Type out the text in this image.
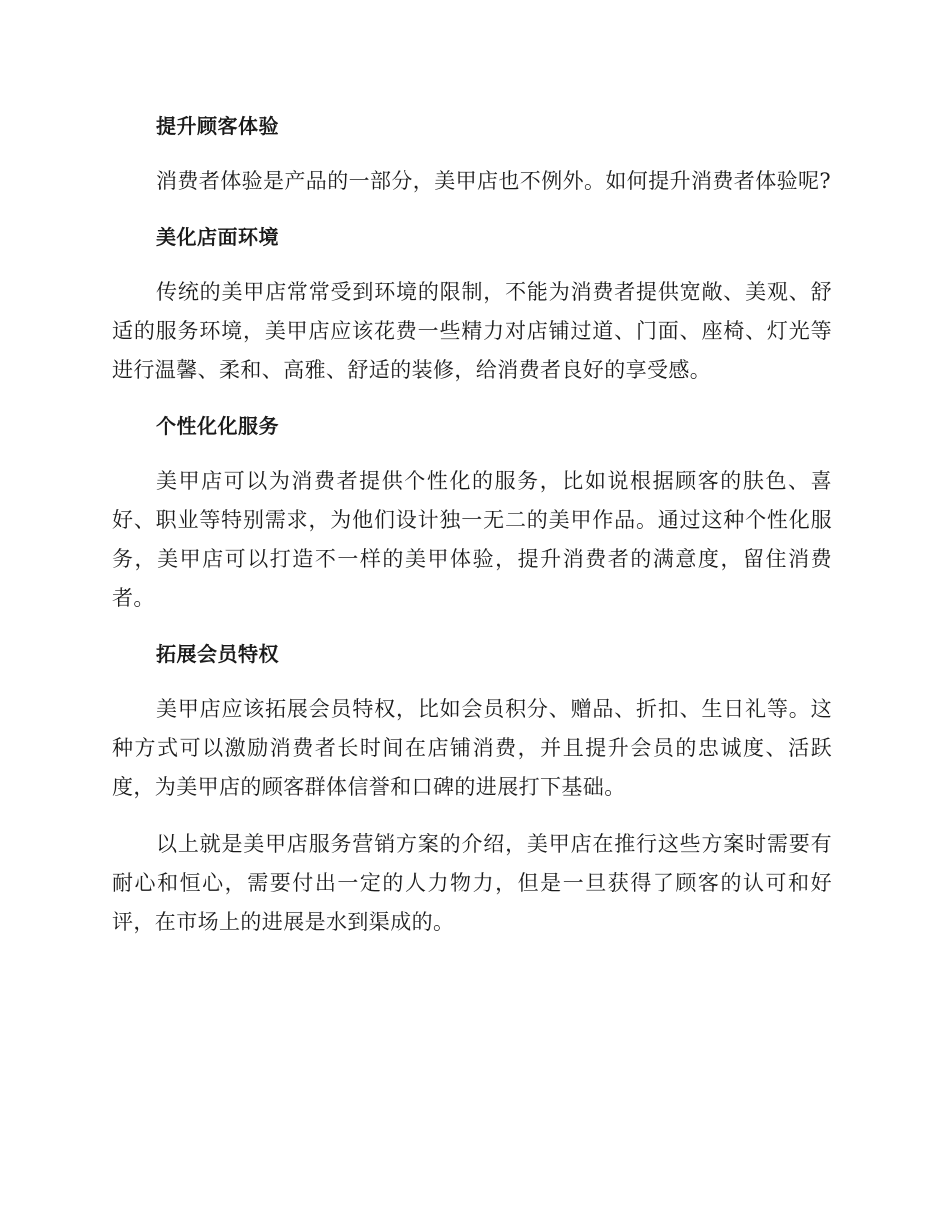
提升顾客体验

消费者体验是产品的一部分，美甲店也不例外。如何提升消费者体验呢?

美化店面环境

传统的美甲店常常受到环境的限制，不能为消费者提供宽敞、美观、舒适的服务环境，美甲店应该花费一些精力对店铺过道、门面、座椅、灯光等进行温馨、柔和、高雅、舒适的装修，给消费者良好的享受感。

个性化化服务

美甲店可以为消费者提供个性化的服务，比如说根据顾客的肤色、喜好、职业等特别需求，为他们设计独一无二的美甲作品。通过这种个性化服务，美甲店可以打造不一样的美甲体验，提升消费者的满意度，留住消费者。

拓展会员特权

美甲店应该拓展会员特权，比如会员积分、赠品、折扣、生日礼等。这种方式可以激励消费者长时间在店铺消费，并且提升会员的忠诚度、活跃度，为美甲店的顾客群体信誉和口碑的进展打下基础。

以上就是美甲店服务营销方案的介绍，美甲店在推行这些方案时需要有耐心和恒心，需要付出一定的人力物力，但是一旦获得了顾客的认可和好评，在市场上的进展是水到渠成的。
